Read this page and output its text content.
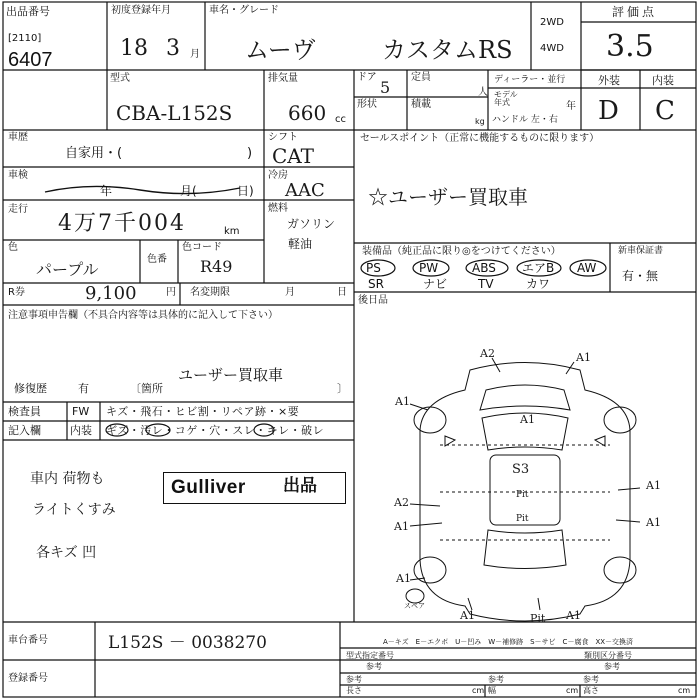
出品番号
[2110]
6407
初度登録年月
18 3 月
車名・グレード
ムーヴ	カスタムRS
2WD
4WD
評価点
3.5
外装	内装
D C
型式
CBA-L152S
排気量
660 cc
ドア
5
形状
定員
人
積載
kg
ディーラー・並行
モデル
年式	年
ハンドル 左・右
車歴
自家用・(	)
シフト
CAT
車検
年	月(	日)
冷房
AAC
走行
4万7千004	km
燃料
ガソリン
軽油
色
パープル
色番
色コード
R49
R券	9,100	円 名変期限	月	日
セールスポイント（正常に機能するものに限ります）
☆ユーザー買取車
装備品（純正品に限り◎をつけてください）	新車保証書
有・無
PS	PW	ABS エアB AW
SR	ナビ	TV	カワ
後日品
注意事項申告欄（不具合内容等は具体的に記入して下さい）
ユーザー買取車
修復歴	有	〔箇所	〕
検査員
記入欄
FW
内装
キズ・飛石・ヒビ割・リペア跡・×要
ギズ・汚レ・コゲ・穴・スレ・キレ・破レ
車内 荷物も
ライトくすみ
各キズ 凹
Gulliver 出品
A2	A1
A1
A1
A1
S3
Pit
Pit
A2
A1	A1
A1
A1	Pit A1
スペア
A－キズ　E－エクボ　U－凹み　W－補修跡　S－サビ　C－腐食　XX－交換済
車台番号	L152S － 0038270
登録番号
型式指定番号
参考
類別区分番号
参考
参考
長さ	cm
参考
幅	cm
参考
高さ	cm
